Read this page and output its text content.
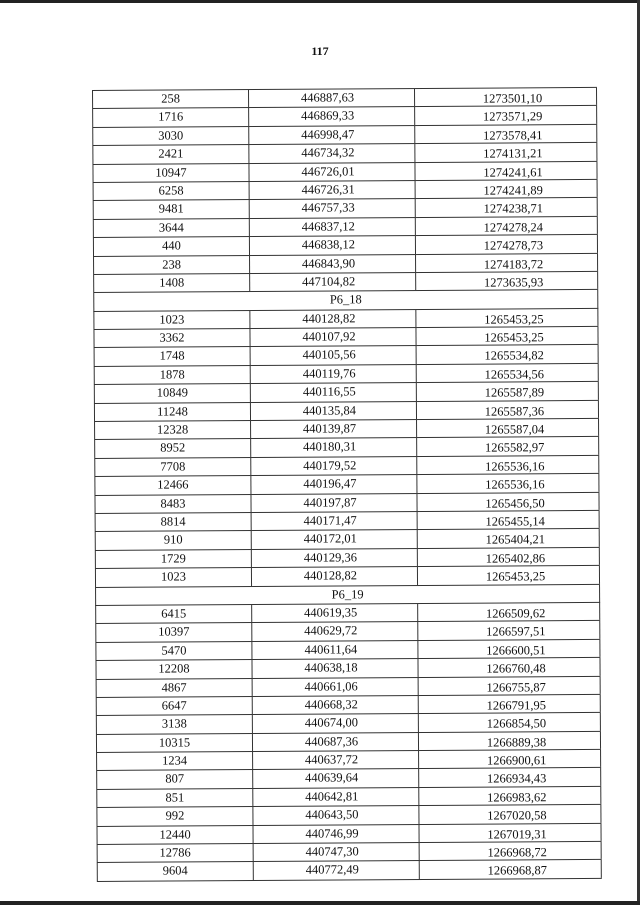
117
258	446887,63	1273501,10
1716	446869,33	1273571,29
3030	446998,47	1273578,41
2421	446734,32	1274131,21
10947	446726,01	1274241,61
6258	446726,31	1274241,89
9481	446757,33	1274238,71
3644	446837,12	1274278,24
440	446838,12	1274278,73
238	446843,90	1274183,72
1408	447104,82	1273635,93
Р6_18
1023	440128,82	1265453,25
3362	440107,92	1265453,25
1748	440105,56	1265534,82
1878	440119,76	1265534,56
10849	440116,55	1265587,89
11248	440135,84	1265587,36
12328	440139,87	1265587,04
8952	440180,31	1265582,97
7708	440179,52	1265536,16
12466	440196,47	1265536,16
8483	440197,87	1265456,50
8814	440171,47	1265455,14
910	440172,01	1265404,21
1729	440129,36	1265402,86
1023	440128,82	1265453,25
Р6_19
6415	440619,35	1266509,62
10397	440629,72	1266597,51
5470	440611,64	1266600,51
12208	440638,18	1266760,48
4867	440661,06	1266755,87
6647	440668,32	1266791,95
3138	440674,00	1266854,50
10315	440687,36	1266889,38
1234	440637,72	1266900,61
807	440639,64	1266934,43
851	440642,81	1266983,62
992	440643,50	1267020,58
12440	440746,99	1267019,31
12786	440747,30	1266968,72
9604	440772,49	1266968,87
